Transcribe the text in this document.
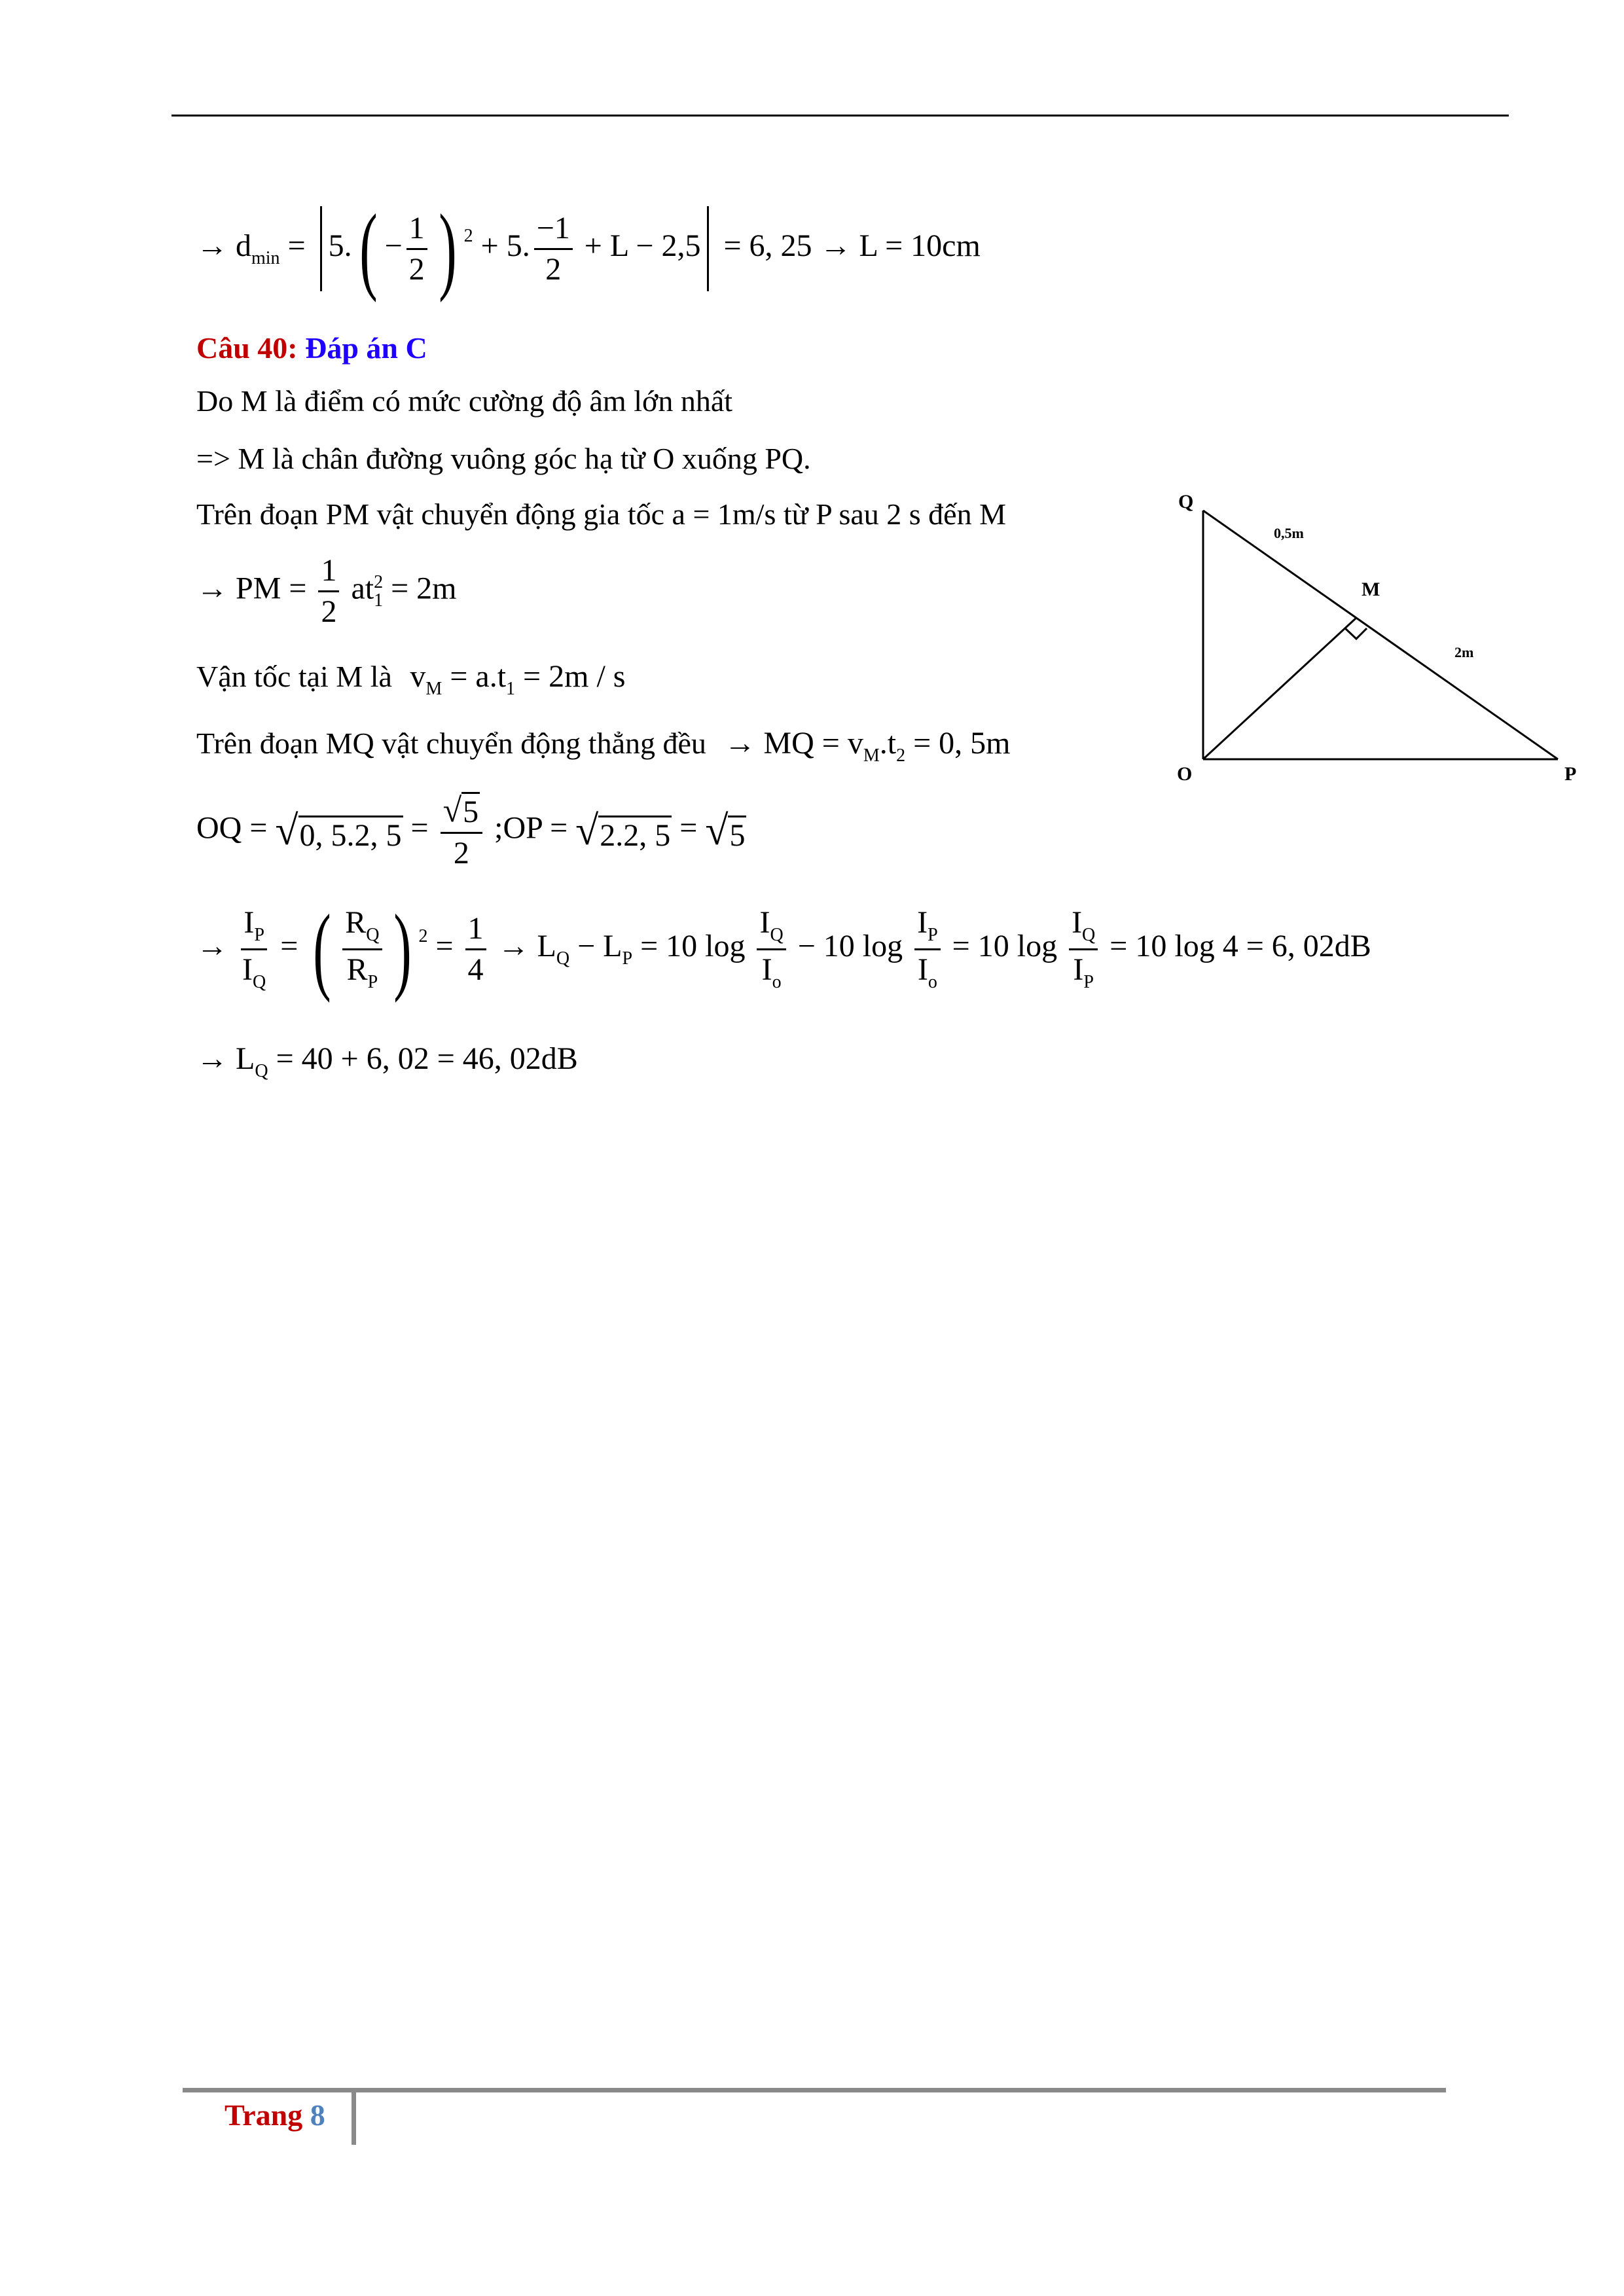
→ $d_{min} = 5.( - \frac{1}{2}$ ) $^2$ + 5. $\frac{-1}{2} + L - 2,5 = 6$, 25 → L = 10cm
Câu 40: Đáp án C
Do M là điểm có mức cường độ âm lớn nhất
=> M là chân đường vuông góc hạ từ O xuống PQ.
Trên đoạn PM vật chuyển động gia tốc a = 1m/s từ P sau 2 s đến M
→ PM = $\frac{1}{2}$ at 2
1 = 2m
Vận tốc tại M là $v_M = a.t_1 = 2m / s$
Trên đoạn MQ vật chuyển động thẳng đều → MQ = $v_M.t_2 = 0$, 5m
OQ = √ 0, 5.2, $5 = \frac{√ 5}{2}$ ;OP = √ 2.2, 5 = √ 5
→ $\frac{I_P}{I_Q}$ = ( $\frac{R_Q}{R_P}$ ) $^2 = \frac{1}{4} \to L_Q - L_P = 10$ $\log \frac{I_Q}{I_o} - 10$ $\log \frac{I_P}{I_o} = 10$ $\log \frac{I_Q}{I_P} = 10$ log 4 = 6, 02dB
→ $L_Q = 40 + 6$, 02 = 46, 02dB
Q
M
O	P
0,5m
2m
Trang 8
